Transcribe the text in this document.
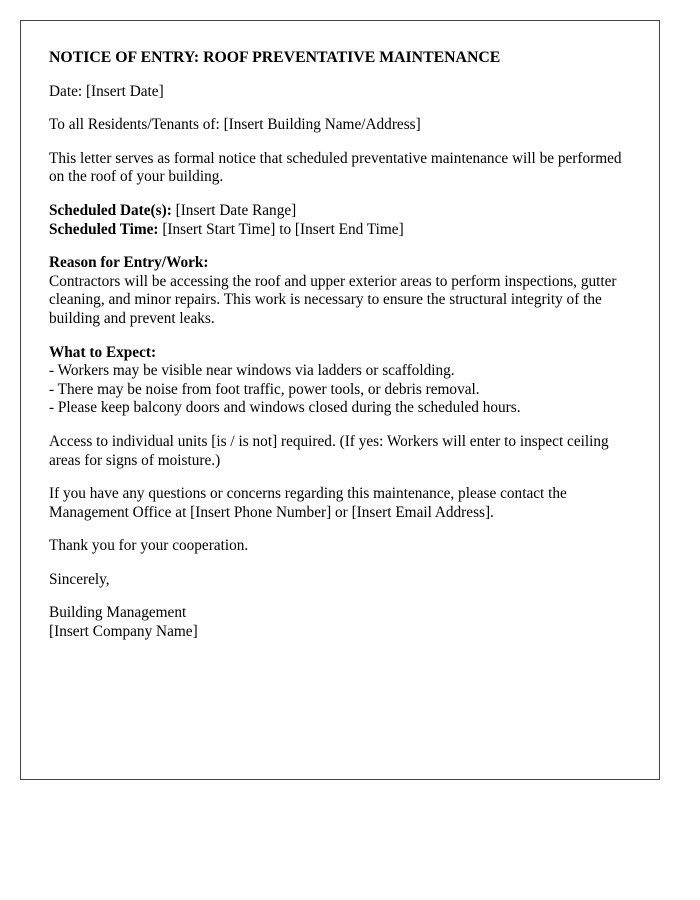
NOTICE OF ENTRY: ROOF PREVENTATIVE MAINTENANCE

Date: [Insert Date]

To all Residents/Tenants of: [Insert Building Name/Address]

This letter serves as formal notice that scheduled preventative maintenance will be performed on the roof of your building.

Scheduled Date(s): [Insert Date Range]
Scheduled Time: [Insert Start Time] to [Insert End Time]

Reason for Entry/Work:
Contractors will be accessing the roof and upper exterior areas to perform inspections, gutter cleaning, and minor repairs. This work is necessary to ensure the structural integrity of the building and prevent leaks.

What to Expect:
- Workers may be visible near windows via ladders or scaffolding.
- There may be noise from foot traffic, power tools, or debris removal.
- Please keep balcony doors and windows closed during the scheduled hours.

Access to individual units [is / is not] required. (If yes: Workers will enter to inspect ceiling areas for signs of moisture.)

If you have any questions or concerns regarding this maintenance, please contact the Management Office at [Insert Phone Number] or [Insert Email Address].

Thank you for your cooperation.

Sincerely,

Building Management
[Insert Company Name]
